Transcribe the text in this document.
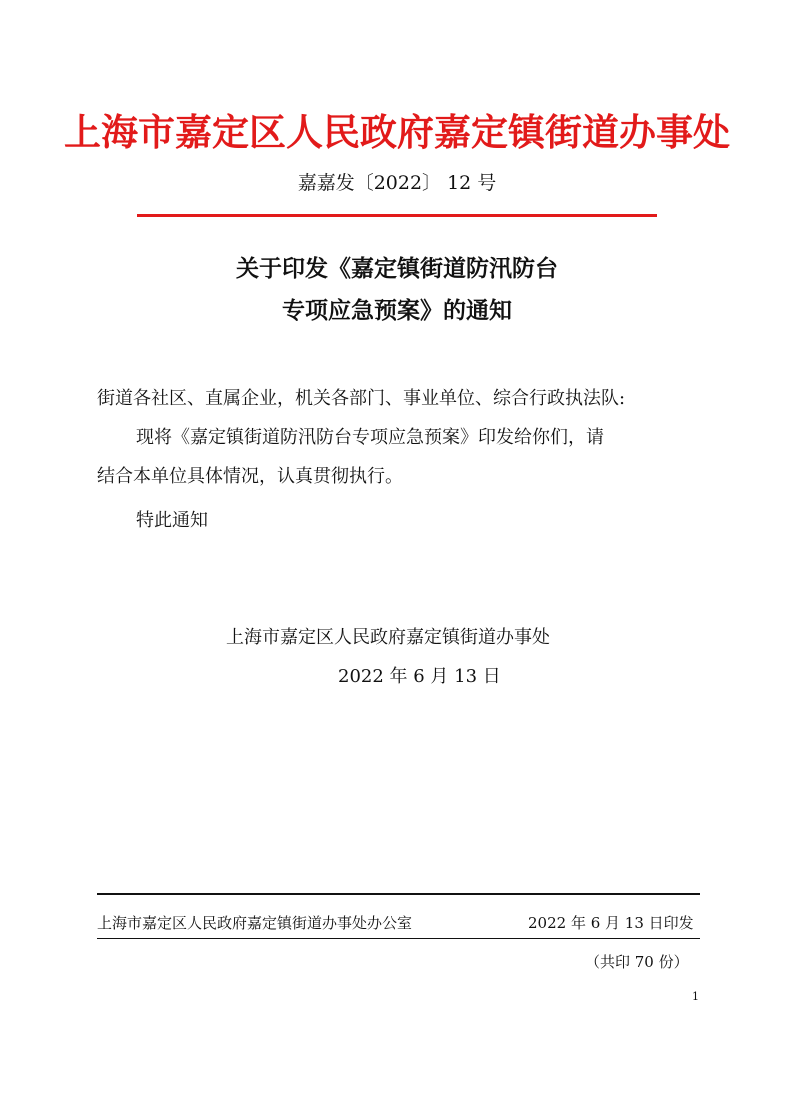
上海市嘉定区人民政府嘉定镇街道办事处
嘉嘉发〔2022〕 12 号
关于印发《嘉定镇街道防汛防台
专项应急预案》的通知
街道各社区、直属企业，机关各部门、事业单位、综合行政执法队:
现将《嘉定镇街道防汛防台专项应急预案》印发给你们，请
结合本单位具体情况，认真贯彻执行。
特此通知
上海市嘉定区人民政府嘉定镇街道办事处
2022 年 6 月 13 日
上海市嘉定区人民政府嘉定镇街道办事处办公室	2022 年 6 月 13 日印发
（共印 70 份）
1
